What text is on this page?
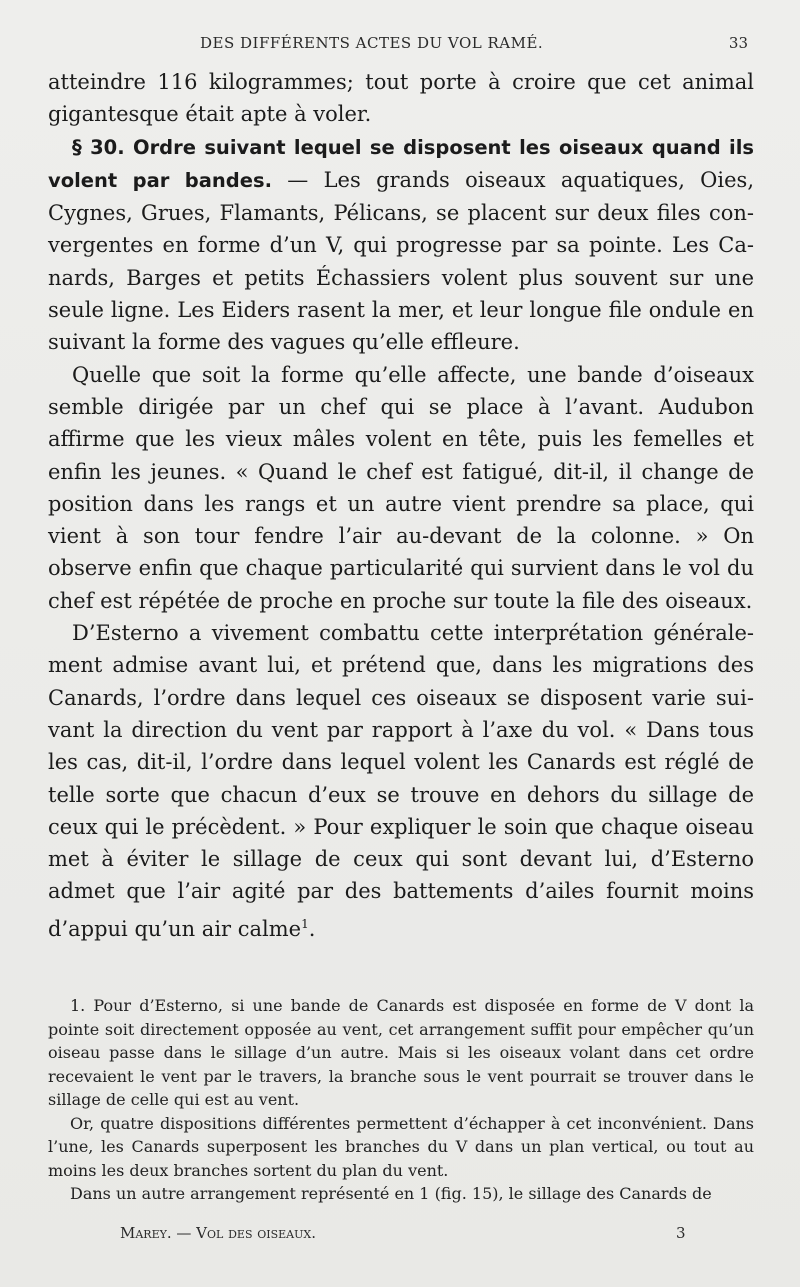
DES DIFFÉRENTS ACTES DU VOL RAMÉ.	33

atteindre 116 kilogrammes; tout porte à croire que cet animal gigantesque était apte à voler.

§ 30. Ordre suivant lequel se disposent les oiseaux quand ils volent par bandes. — Les grands oiseaux aquatiques, Oies, Cygnes, Grues, Flamants, Pélicans, se placent sur deux files convergentes en forme d’un V, qui progresse par sa pointe. Les Canards, Barges et petits Échassiers volent plus souvent sur une seule ligne. Les Eiders rasent la mer, et leur longue file ondule en suivant la forme des vagues qu’elle effleure.

Quelle que soit la forme qu’elle affecte, une bande d’oiseaux semble dirigée par un chef qui se place à l’avant. Audubon affirme que les vieux mâles volent en tête, puis les femelles et enfin les jeunes. « Quand le chef est fatigué, dit-il, il change de position dans les rangs et un autre vient prendre sa place, qui vient à son tour fendre l’air au-devant de la colonne. » On observe enfin que chaque particularité qui survient dans le vol du chef est répétée de proche en proche sur toute la file des oiseaux.

D’Esterno a vivement combattu cette interprétation généralement admise avant lui, et prétend que, dans les migrations des Canards, l’ordre dans lequel ces oiseaux se disposent varie suivant la direction du vent par rapport à l’axe du vol. « Dans tous les cas, dit-il, l’ordre dans lequel volent les Canards est réglé de telle sorte que chacun d’eux se trouve en dehors du sillage de ceux qui le précèdent. » Pour expliquer le soin que chaque oiseau met à éviter le sillage de ceux qui sont devant lui, d’Esterno admet que l’air agité par des battements d’ailes fournit moins d’appui qu’un air calme$^1$.

1. Pour d’Esterno, si une bande de Canards est disposée en forme de V dont la pointe soit directement opposée au vent, cet arrangement suffit pour empêcher qu’un oiseau passe dans le sillage d’un autre. Mais si les oiseaux volant dans cet ordre recevaient le vent par le travers, la branche sous le vent pourrait se trouver dans le sillage de celle qui est au vent.

Or, quatre dispositions différentes permettent d’échapper à cet inconvénient. Dans l’une, les Canards superposent les branches du V dans un plan vertical, ou tout au moins les deux branches sortent du plan du vent.

Dans un autre arrangement représenté en 1 (fig. 15), le sillage des Canards de

Marey. — Vol des oiseaux.	3
